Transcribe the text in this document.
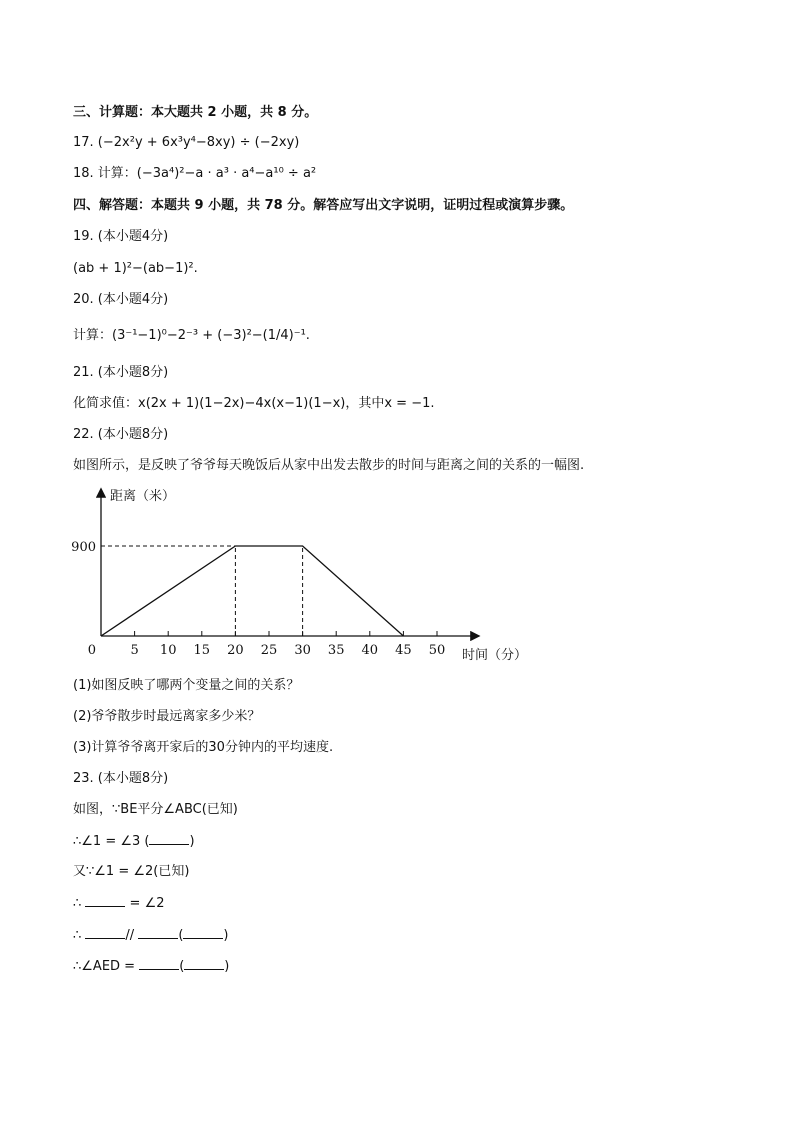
三、计算题：本大题共 2 小题，共 8 分。
17. (−2x²y + 6x³y⁴−8xy) ÷ (−2xy)
18. 计算：(−3a⁴)²−a · a³ · a⁴−a¹⁰ ÷ a²
四、解答题：本题共 9 小题，共 78 分。解答应写出文字说明，证明过程或演算步骤。
19. (本小题4分)
(ab + 1)²−(ab−1)².
20. (本小题4分)
计算：(3⁻¹−1)⁰−2⁻³ + (−3)²−(1/4)⁻¹.
21. (本小题8分)
化简求值：x(2x + 1)(1−2x)−4x(x−1)(1−x)，其中x = −1.
22. (本小题8分)
如图所示，是反映了爷爷每天晚饭后从家中出发去散步的时间与距离之间的关系的一幅图.
0	5 10 15 20 25 30 35 40 45 50
900
距离（米）
时间（分）
(1)如图反映了哪两个变量之间的关系？
(2)爷爷散步时最远离家多少米？
(3)计算爷爷离开家后的30分钟内的平均速度.
23. (本小题8分)
如图，∵BE平分∠ABC(已知)
∴∠1 = ∠3 (	)
又∵∠1 = ∠2(已知)
∴	= ∠2
∴	//	(	)
∴∠AED =	(	)
